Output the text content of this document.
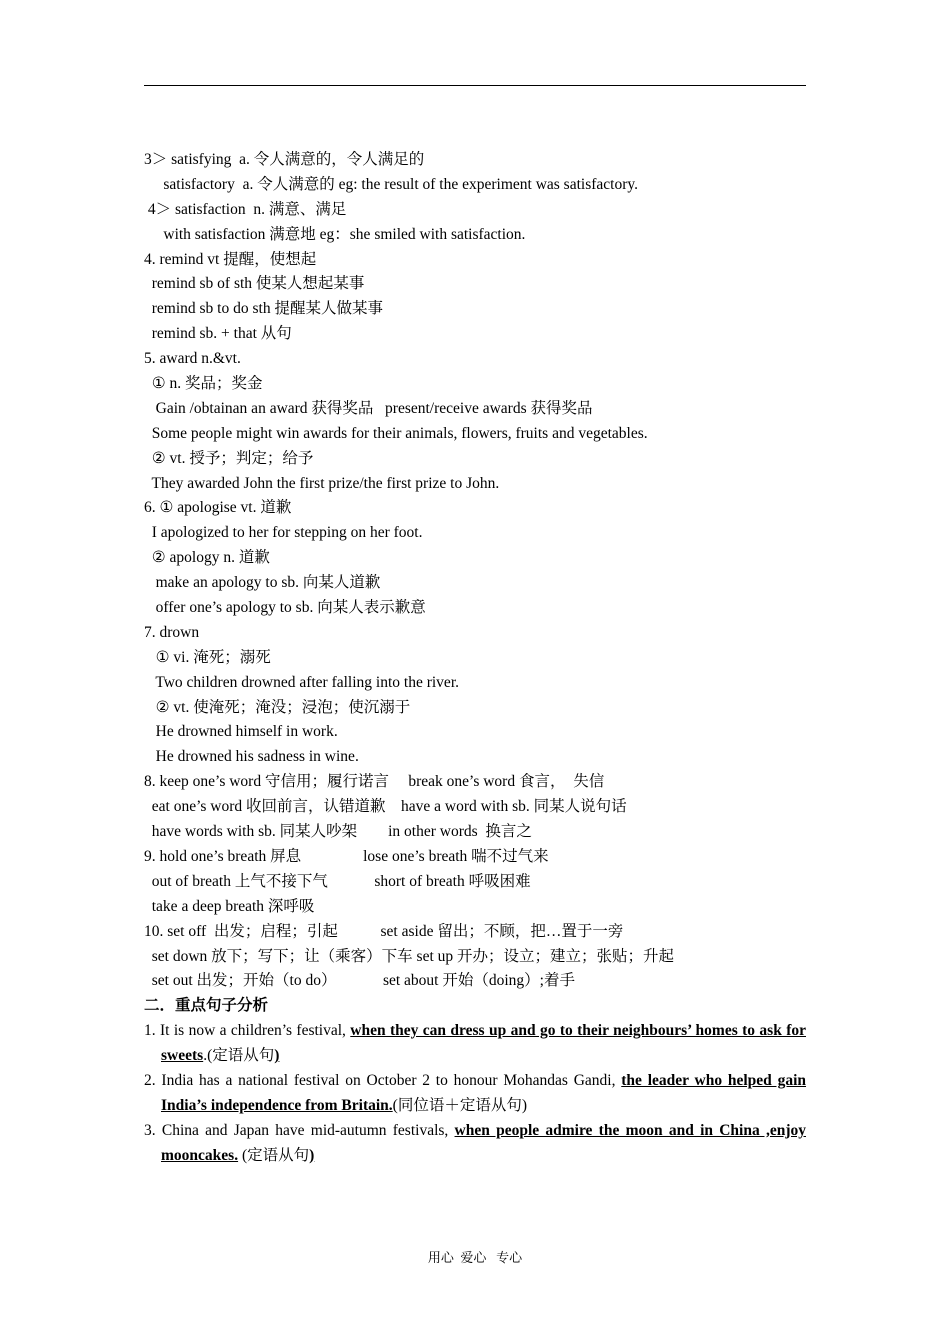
3＞ satisfying  a. 令人满意的，令人满足的
satisfactory  a. 令人满意的 eg: the result of the experiment was satisfactory.
4＞ satisfaction  n. 满意、满足
with satisfaction 满意地 eg：she smiled with satisfaction.
4. remind vt 提醒，使想起
remind sb of sth 使某人想起某事
remind sb to do sth 提醒某人做某事
remind sb. + that 从句
5. award n.&vt.
① n. 奖品；奖金
Gain /obtainan an award 获得奖品   present/receive awards 获得奖品
Some people might win awards for their animals, flowers, fruits and vegetables.
② vt. 授予；判定；给予
They awarded John the first prize/the first prize to John.
6. ① apologise vt. 道歉
I apologized to her for stepping on her foot.
② apology n. 道歉
make an apology to sb. 向某人道歉
offer one’s apology to sb. 向某人表示歉意
7. drown
① vi. 淹死；溺死
Two children drowned after falling into the river.
② vt. 使淹死；淹没；浸泡；使沉溺于
He drowned himself in work.
He drowned his sadness in wine.
8. keep one’s word 守信用；履行诺言     break one’s word 食言，  失信
eat one’s word 收回前言，认错道歉    have a word with sb. 同某人说句话
have words with sb. 同某人吵架        in other words  换言之
9. hold one’s breath 屏息                lose one’s breath 喘不过气来
out of breath 上气不接下气            short of breath 呼吸困难
take a deep breath 深呼吸
10. set off  出发；启程；引起           set aside 留出；不顾，把…置于一旁
set down 放下；写下；让（乘客）下车 set up 开办；设立；建立；张贴；升起
set out 出发；开始（to do）            set about 开始（doing）;着手
二．重点句子分析
1. It is now a children’s festival, when they can dress up and go to their neighbours’ homes to ask for sweets.(定语从句)
2. India has a national festival on October 2 to honour Mohandas Gandi, the leader who helped gain India’s independence from Britain.(同位语＋定语从句)
3. China and Japan have mid-autumn festivals, when people admire the moon and in China ,enjoy mooncakes. (定语从句)
用心  爱心   专心
